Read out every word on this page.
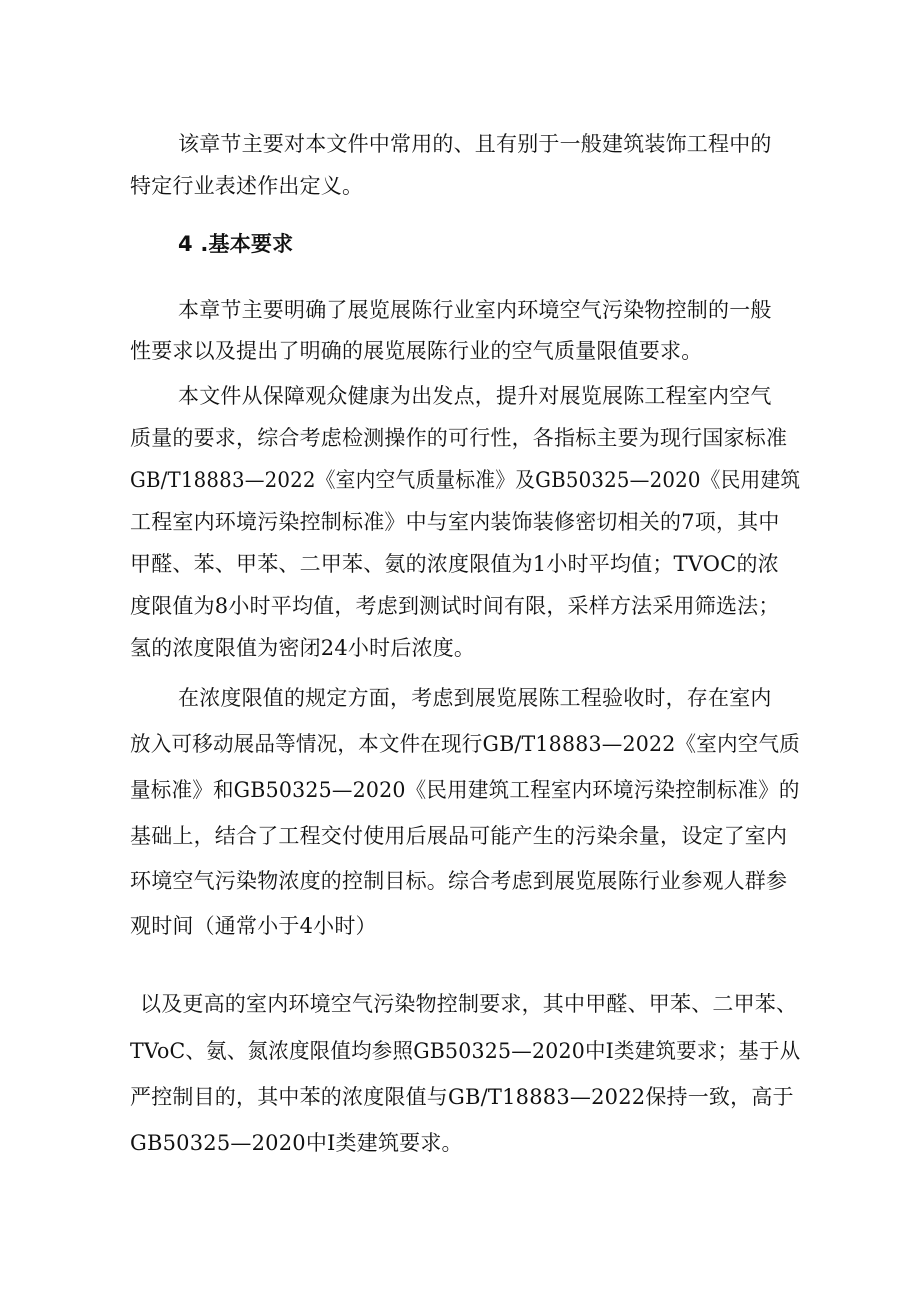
该章节主要对本文件中常用的、且有别于一般建筑装饰工程中的
特定行业表述作出定义。
4 .基本要求
本章节主要明确了展览展陈行业室内环境空气污染物控制的一般
性要求以及提出了明确的展览展陈行业的空气质量限值要求。
本文件从保障观众健康为出发点，提升对展览展陈工程室内空气
质量的要求，综合考虑检测操作的可行性，各指标主要为现行国家标准
GB/T18883—2022《室内空气质量标准》及GB50325—2020《民用建筑
工程室内环境污染控制标准》中与室内装饰装修密切相关的7项，其中
甲醛、苯、甲苯、二甲苯、氨的浓度限值为1小时平均值；TVOC的浓
度限值为8小时平均值，考虑到测试时间有限，采样方法采用筛选法；
氢的浓度限值为密闭24小时后浓度。
在浓度限值的规定方面，考虑到展览展陈工程验收时，存在室内
放入可移动展品等情况，本文件在现行GB/T18883—2022《室内空气质
量标准》和GB50325—2020《民用建筑工程室内环境污染控制标准》的
基础上，结合了工程交付使用后展品可能产生的污染余量，设定了室内
环境空气污染物浓度的控制目标。综合考虑到展览展陈行业参观人群参
观时间（通常小于4小时）
以及更高的室内环境空气污染物控制要求，其中甲醛、甲苯、二甲苯、
TVoC、氨、氮浓度限值均参照GB50325—2020中I类建筑要求；基于从
严控制目的，其中苯的浓度限值与GB/T18883—2022保持一致，高于
GB50325—2020中I类建筑要求。
